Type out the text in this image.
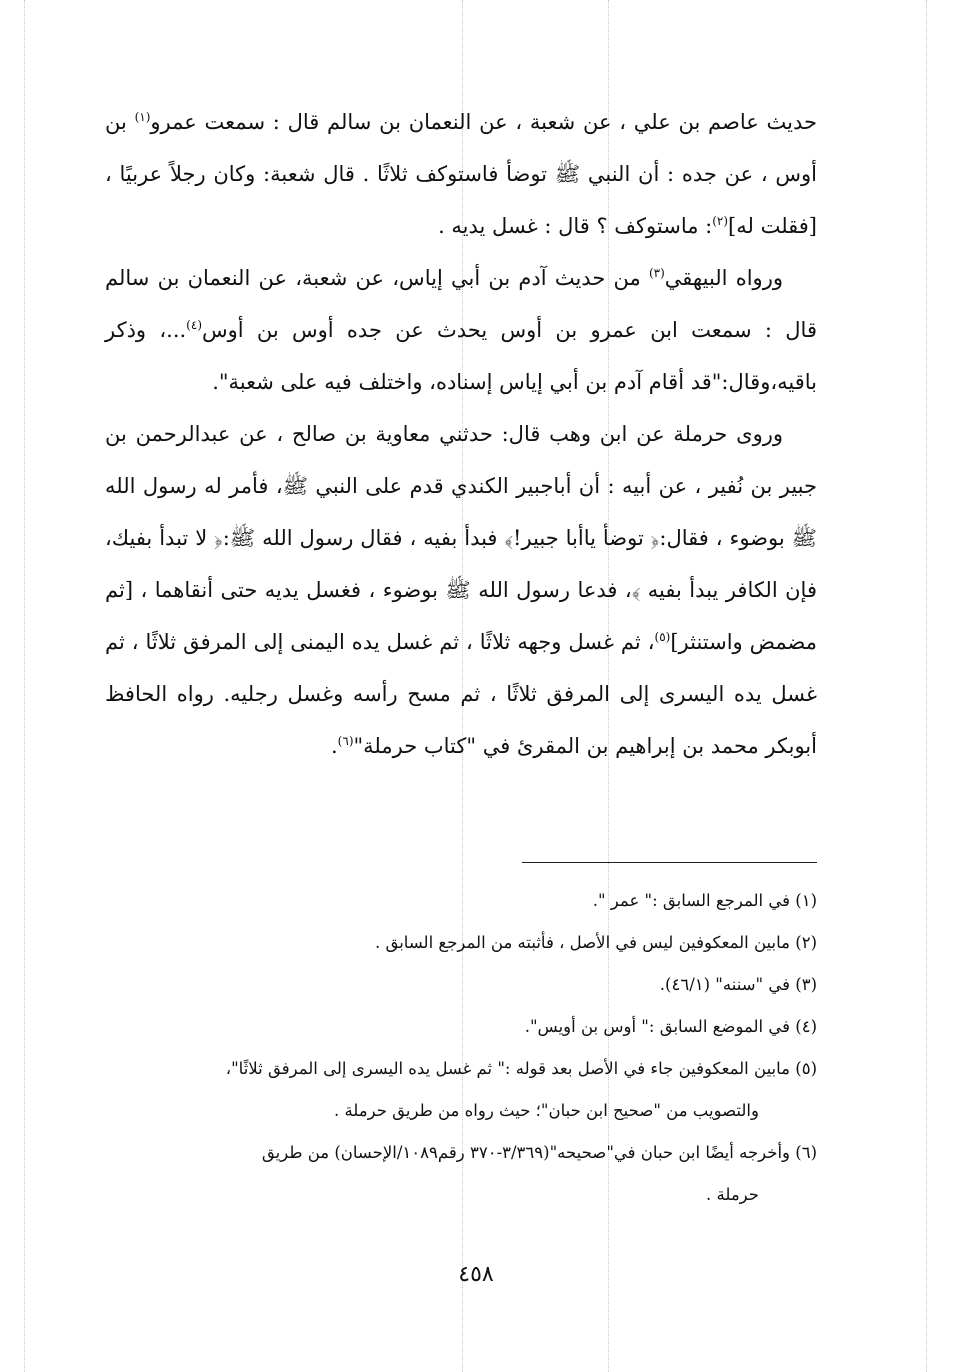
حديث عاصم بن علي ، عن شعبة ، عن النعمان بن سالم قال : سمعت عمرو$^{(١)}$ بن أوس ، عن جده : أن النبي ﷺ توضأ فاستوكف ثلاثًا . قال شعبة: وكان رجلاً عربيًا ، [فقلت له]$^{(٢)}$: ماستوكف ؟ قال : غسل يديه .

ورواه البيهقي$^{(٣)}$ من حديث آدم بن أبي إياس، عن شعبة، عن النعمان بن سالم قال : سمعت ابن عمرو بن أوس يحدث عن جده أوس بن أوس$^{(٤)}$...، وذكر باقيه،وقال:"قد أقام آدم بن أبي إياس إسناده، واختلف فيه على شعبة".

وروى حرملة عن ابن وهب قال: حدثني معاوية بن صالح ، عن عبدالرحمن بن جبير بن نُفير ، عن أبيه : أن أباجبير الكندي قدم على النبي ﷺ، فأمر له رسول الله ﷺ بوضوء ، فقال:﴿ توضأ ياأبا جبير!﴾ فبدأ بفيه ، فقال رسول الله ﷺ:﴿ لا تبدأ بفيك، فإن الكافر يبدأ بفيه ﴾، فدعا رسول الله ﷺ بوضوء ، فغسل يديه حتى أنقاهما ، [ثم مضمض واستنثر]$^{(٥)}$، ثم غسل وجهه ثلاثًا ، ثم غسل يده اليمنى إلى المرفق ثلاثًا ، ثم غسل يده اليسرى إلى المرفق ثلاثًا ، ثم مسح رأسه وغسل رجليه. رواه الحافظ أبوبكر محمد بن إبراهيم بن المقرئ في "كتاب حرملة"$^{(٦)}$.

(١) في المرجع السابق :" عمر ".

(٢) مابين المعكوفين ليس في الأصل ، فأثبته من المرجع السابق .

(٣) في "سننه" (٤٦/١).

(٤) في الموضع السابق :" أوس بن أويس".

(٥) مابين المعكوفين جاء في الأصل بعد قوله :" ثم غسل يده اليسرى إلى المرفق ثلاثًا"،
والتصويب من "صحيح ابن حبان"؛ حيث رواه من طريق حرملة .

(٦) وأخرجه أيضًا ابن حبان في"صحيحه"(٣/٣٦٩-٣٧٠ رقم١٠٨٩/الإحسان) من طريق
حرملة .

٤٥٨
